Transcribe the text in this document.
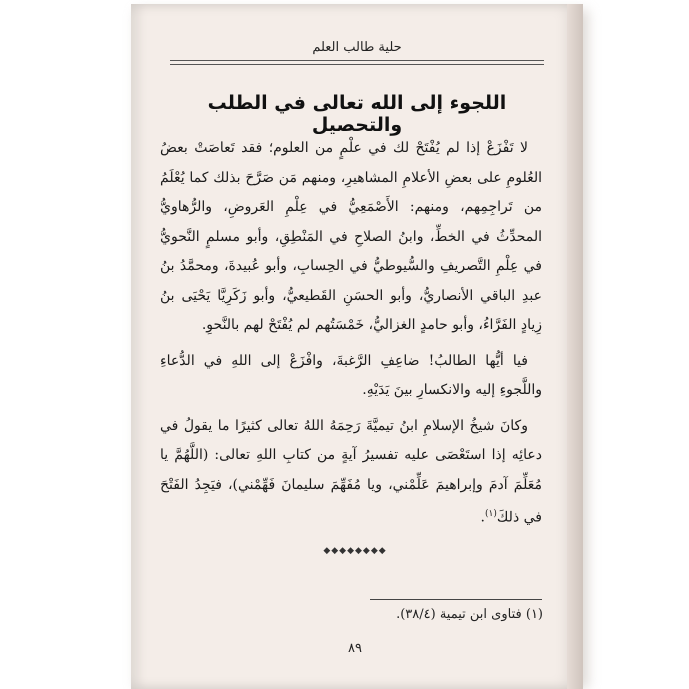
حلية طالب العلم
اللجوء إلى الله تعالى في الطلب والتحصيل

لا تَفْزَعْ إذا لم يُفْتَحْ لك في علْمٍ من العلوم؛ فقد تَعاصَتْ بعضُ العُلومِ على بعضِ الأعلامِ المشاهيرِ، ومنهم مَن صَرَّحَ بذلك كما يُعْلَمُ من تَراجِمِهم، ومنهم: الأَصْمَعِيُّ في عِلْمِ العَروضِ، والرُّهاويُّ المحدِّثُ في الخطِّ، وابنُ الصلاحِ في المَنْطِقِ، وأبو مسلمٍ النَّحويُّ في عِلْمِ التَّصريفِ والسُّيوطيُّ في الحِسابِ، وأبو عُبيدةَ، ومحمَّدُ بنُ عبدِ الباقي الأنصاريُّ، وأبو الحسَنِ القَطيعيُّ، وأبو زَكَرِيَّا يَحْيَى بنُ زِيادٍ الفَرَّاءُ، وأبو حامدٍ الغزاليُّ، خَمْسَتُهم لم يُفْتَحْ لهم بالنَّحوِ.

فيا أيُّها الطالبُ! ضاعِفِ الرَّغبةَ، وافْزَعْ إلى اللهِ في الدُّعاءِ واللَّجوءِ إليه والانكسارِ بينَ يَدَيْهِ.

وكانَ شيخُ الإسلامِ ابنُ تيميَّةَ رَحِمَهُ اللهُ تعالى كثيرًا ما يقولُ في دعائِه إذا استَعْصَى عليه تفسيرُ آيةٍ من كتابِ اللهِ تعالى: (اللَّهُمَّ يا مُعَلِّمَ آدمَ وإبراهيمَ عَلِّمْني، ويا مُفَهِّمَ سليمانَ فَهِّمْني)، فيَجِدُ الفَتْحَ في ذلكَ$^{(١)}$.

◆◆◆◆◆◆◆◆
(١) فتاوى ابن تيمية (٣٨/٤).
٨٩
